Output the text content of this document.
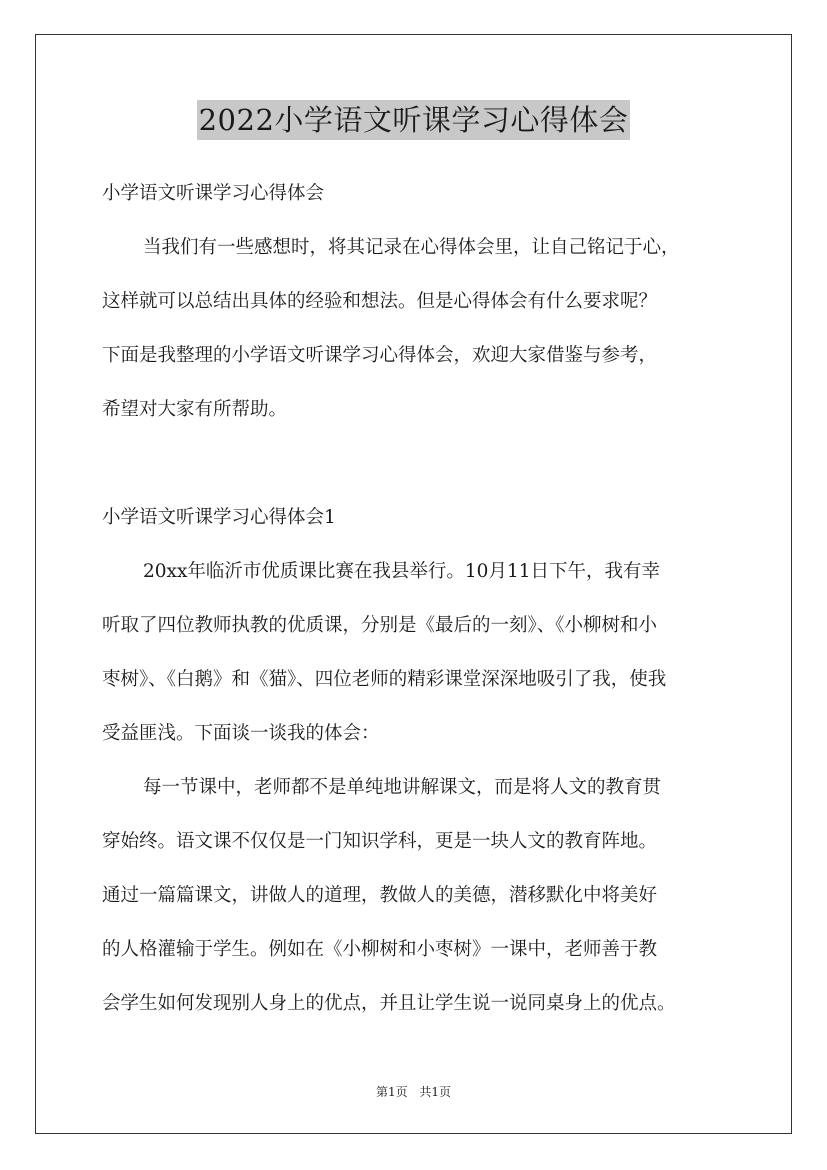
2022小学语文听课学习心得体会
小学语文听课学习心得体会
当我们有一些感想时，将其记录在心得体会里，让自己铭记于心，
这样就可以总结出具体的经验和想法。但是心得体会有什么要求呢？
下面是我整理的小学语文听课学习心得体会，欢迎大家借鉴与参考，
希望对大家有所帮助。
小学语文听课学习心得体会1
20xx年临沂市优质课比赛在我县举行。10月11日下午，我有幸
听取了四位教师执教的优质课，分别是《最后的一刻》、《小柳树和小
枣树》、《白鹅》和《猫》、四位老师的精彩课堂深深地吸引了我，使我
受益匪浅。下面谈一谈我的体会：
每一节课中，老师都不是单纯地讲解课文，而是将人文的教育贯
穿始终。语文课不仅仅是一门知识学科，更是一块人文的教育阵地。
通过一篇篇课文，讲做人的道理，教做人的美德，潜移默化中将美好
的人格灌输于学生。例如在《小柳树和小枣树》一课中，老师善于教
会学生如何发现别人身上的优点，并且让学生说一说同桌身上的优点。
第1页 共1页
